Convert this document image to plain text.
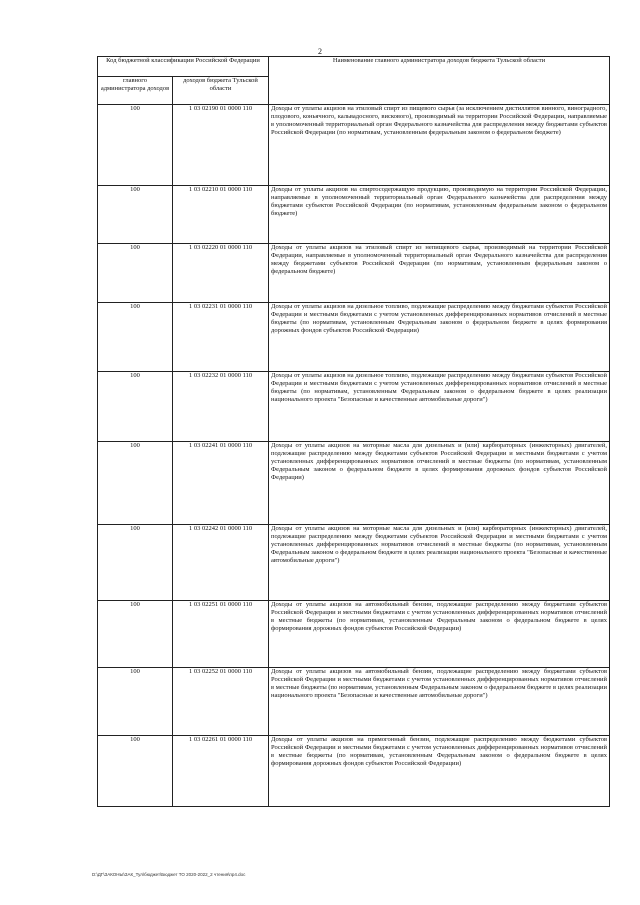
2
Код бюджетной классификации Российской Федерации		Наименование главного администратора доходов бюджета Тульской области
главного администратора доходов	доходов бюджета Тульской области	
100	1 03 02190 01 0000 110	Доходы от уплаты акцизов на этиловый спирт из пищевого сырья (за исключением дистиллятов винного, виноградного, плодового, коньячного, кальвадосного, вискового), производимый на территории Российской Федерации, направляемые в уполномоченный территориальный орган Федерального казначейства для распределения между бюджетами субъектов Российской Федерации (по нормативам, установленным федеральным законом о федеральном бюджете)
100	1 03 02210 01 0000 110	Доходы от уплаты акцизов на спиртосодержащую продукцию, производимую на территории Российской Федерации, направляемые в уполномоченный территориальный орган Федерального казначейства для распределения между бюджетами субъектов Российской Федерации (по нормативам, установленным федеральным законом о федеральном бюджете)
100	1 03 02220 01 0000 110	Доходы от уплаты акцизов на этиловый спирт из непищевого сырья, производимый на территории Российской Федерации, направляемые в уполномоченный территориальный орган Федерального казначейства для распределения между бюджетами субъектов Российской Федерации (по нормативам, установленным федеральным законом о федеральном бюджете)
100	1 03 02231 01 0000 110	Доходы от уплаты акцизов на дизельное топливо, подлежащие распределению между бюджетами субъектов Российской Федерации и местными бюджетами с учетом установленных дифференцированных нормативов отчислений в местные бюджеты (по нормативам, установленным Федеральным законом о федеральном бюджете в целях формирования дорожных фондов субъектов Российской Федерации)
100	1 03 02232 01 0000 110	Доходы от уплаты акцизов на дизельное топливо, подлежащие распределению между бюджетами субъектов Российской Федерации и местными бюджетами с учетом установленных дифференцированных нормативов отчислений в местные бюджеты (по нормативам, установленным Федеральным законом о федеральном бюджете в целях реализации национального проекта "Безопасные и качественные автомобильные дороги")
100	1 03 02241 01 0000 110	Доходы от уплаты акцизов на моторные масла для дизельных и (или) карбюраторных (инжекторных) двигателей, подлежащие распределению между бюджетами субъектов Российской Федерации и местными бюджетами с учетом установленных дифференцированных нормативов отчислений в местные бюджеты (по нормативам, установленным Федеральным законом о федеральном бюджете в целях формирования дорожных фондов субъектов Российской Федерации)
100	1 03 02242 01 0000 110	Доходы от уплаты акцизов на моторные масла для дизельных и (или) карбюраторных (инжекторных) двигателей, подлежащие распределению между бюджетами субъектов Российской Федерации и местными бюджетами с учетом установленных дифференцированных нормативов отчислений в местные бюджеты (по нормативам, установленным Федеральным законом о федеральном бюджете в целях реализации национального проекта "Безопасные и качественные автомобильные дороги")
100	1 03 02251 01 0000 110	Доходы от уплаты акцизов на автомобильный бензин, подлежащие распределению между бюджетами субъектов Российской Федерации и местными бюджетами с учетом установленных дифференцированных нормативов отчислений в местные бюджеты (по нормативам, установленным Федеральным законом о федеральном бюджете в целях формирования дорожных фондов субъектов Российской Федерации)
100	1 03 02252 01 0000 110	Доходы от уплаты акцизов на автомобильный бензин, подлежащие распределению между бюджетами субъектов Российской Федерации и местными бюджетами с учетом установленных дифференцированных нормативов отчислений в местные бюджеты (по нормативам, установленным Федеральным законом о федеральном бюджете в целях реализации национального проекта "Безопасные и качественные автомобильные дороги")
100	1 03 02261 01 0000 110	Доходы от уплаты акцизов на прямогонный бензин, подлежащие распределению между бюджетами субъектов Российской Федерации и местными бюджетами с учетом установленных дифференцированных нормативов отчислений в местные бюджеты (по нормативам, установленным Федеральным законом о федеральном бюджете в целях формирования дорожных фондов субъектов Российской Федерации)
D:\ДГ\ЗАКОНЫ\ЗАК_Тул\бюджет\Бюджет ТО 2020-2022_2 чтения\пр4.doc
